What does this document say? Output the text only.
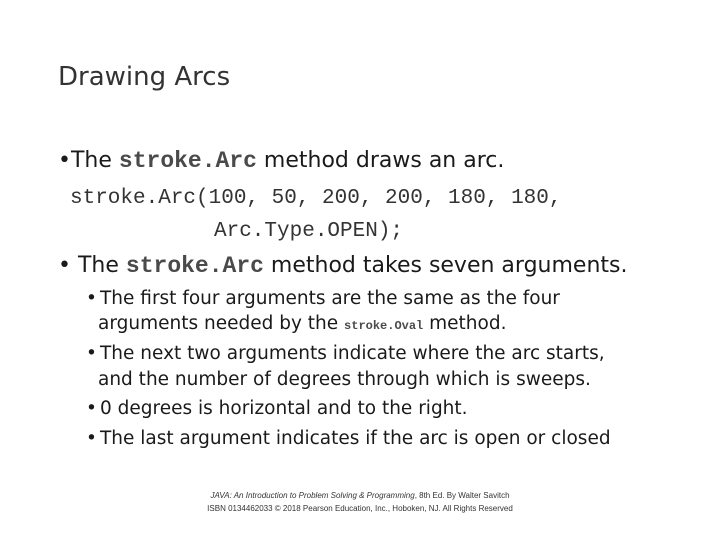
Drawing Arcs
•The stroke.Arc method draws an arc.
stroke.Arc(100, 50, 200, 200, 180, 180,
Arc.Type.OPEN);
• The stroke.Arc method takes seven arguments.
• The first four arguments are the same as the four
arguments needed by the stroke.Oval method.
• The next two arguments indicate where the arc starts,
and the number of degrees through which is sweeps.
• 0 degrees is horizontal and to the right.
• The last argument indicates if the arc is open or closed
JAVA: An Introduction to Problem Solving & Programming, 8th Ed. By Walter Savitch
ISBN 0134462033 © 2018 Pearson Education, Inc., Hoboken, NJ. All Rights Reserved
